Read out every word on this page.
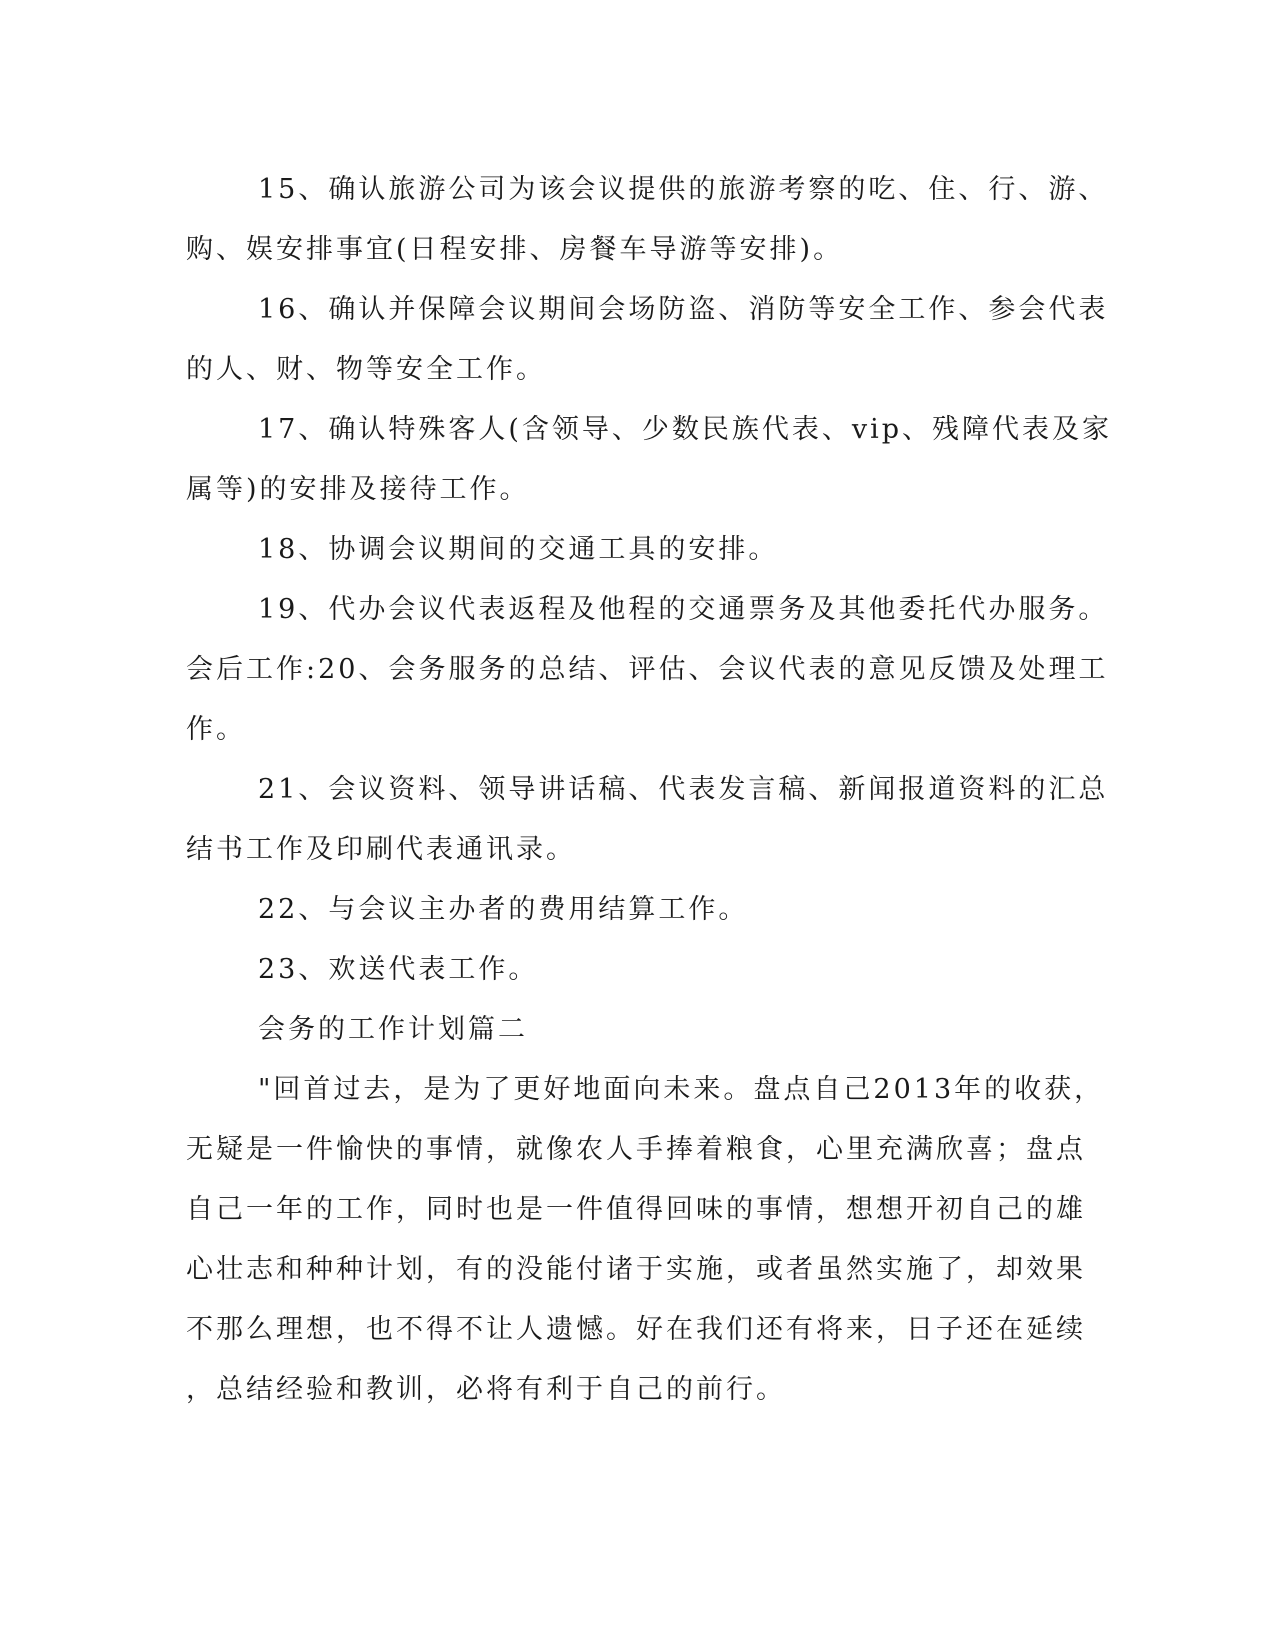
15、确认旅游公司为该会议提供的旅游考察的吃、住、行、游、
购、娱安排事宜(日程安排、房餐车导游等安排)。
16、确认并保障会议期间会场防盗、消防等安全工作、参会代表
的人、财、物等安全工作。
17、确认特殊客人(含领导、少数民族代表、vip、残障代表及家
属等)的安排及接待工作。
18、协调会议期间的交通工具的安排。
19、代办会议代表返程及他程的交通票务及其他委托代办服务。
会后工作:20、会务服务的总结、评估、会议代表的意见反馈及处理工
作。
21、会议资料、领导讲话稿、代表发言稿、新闻报道资料的汇总
结书工作及印刷代表通讯录。
22、与会议主办者的费用结算工作。
23、欢送代表工作。
会务的工作计划篇二
"回首过去，是为了更好地面向未来。盘点自己2013年的收获，
无疑是一件愉快的事情，就像农人手捧着粮食，心里充满欣喜；盘点
自己一年的工作，同时也是一件值得回味的事情，想想开初自己的雄
心壮志和种种计划，有的没能付诸于实施，或者虽然实施了，却效果
不那么理想，也不得不让人遗憾。好在我们还有将来，日子还在延续
，总结经验和教训，必将有利于自己的前行。
